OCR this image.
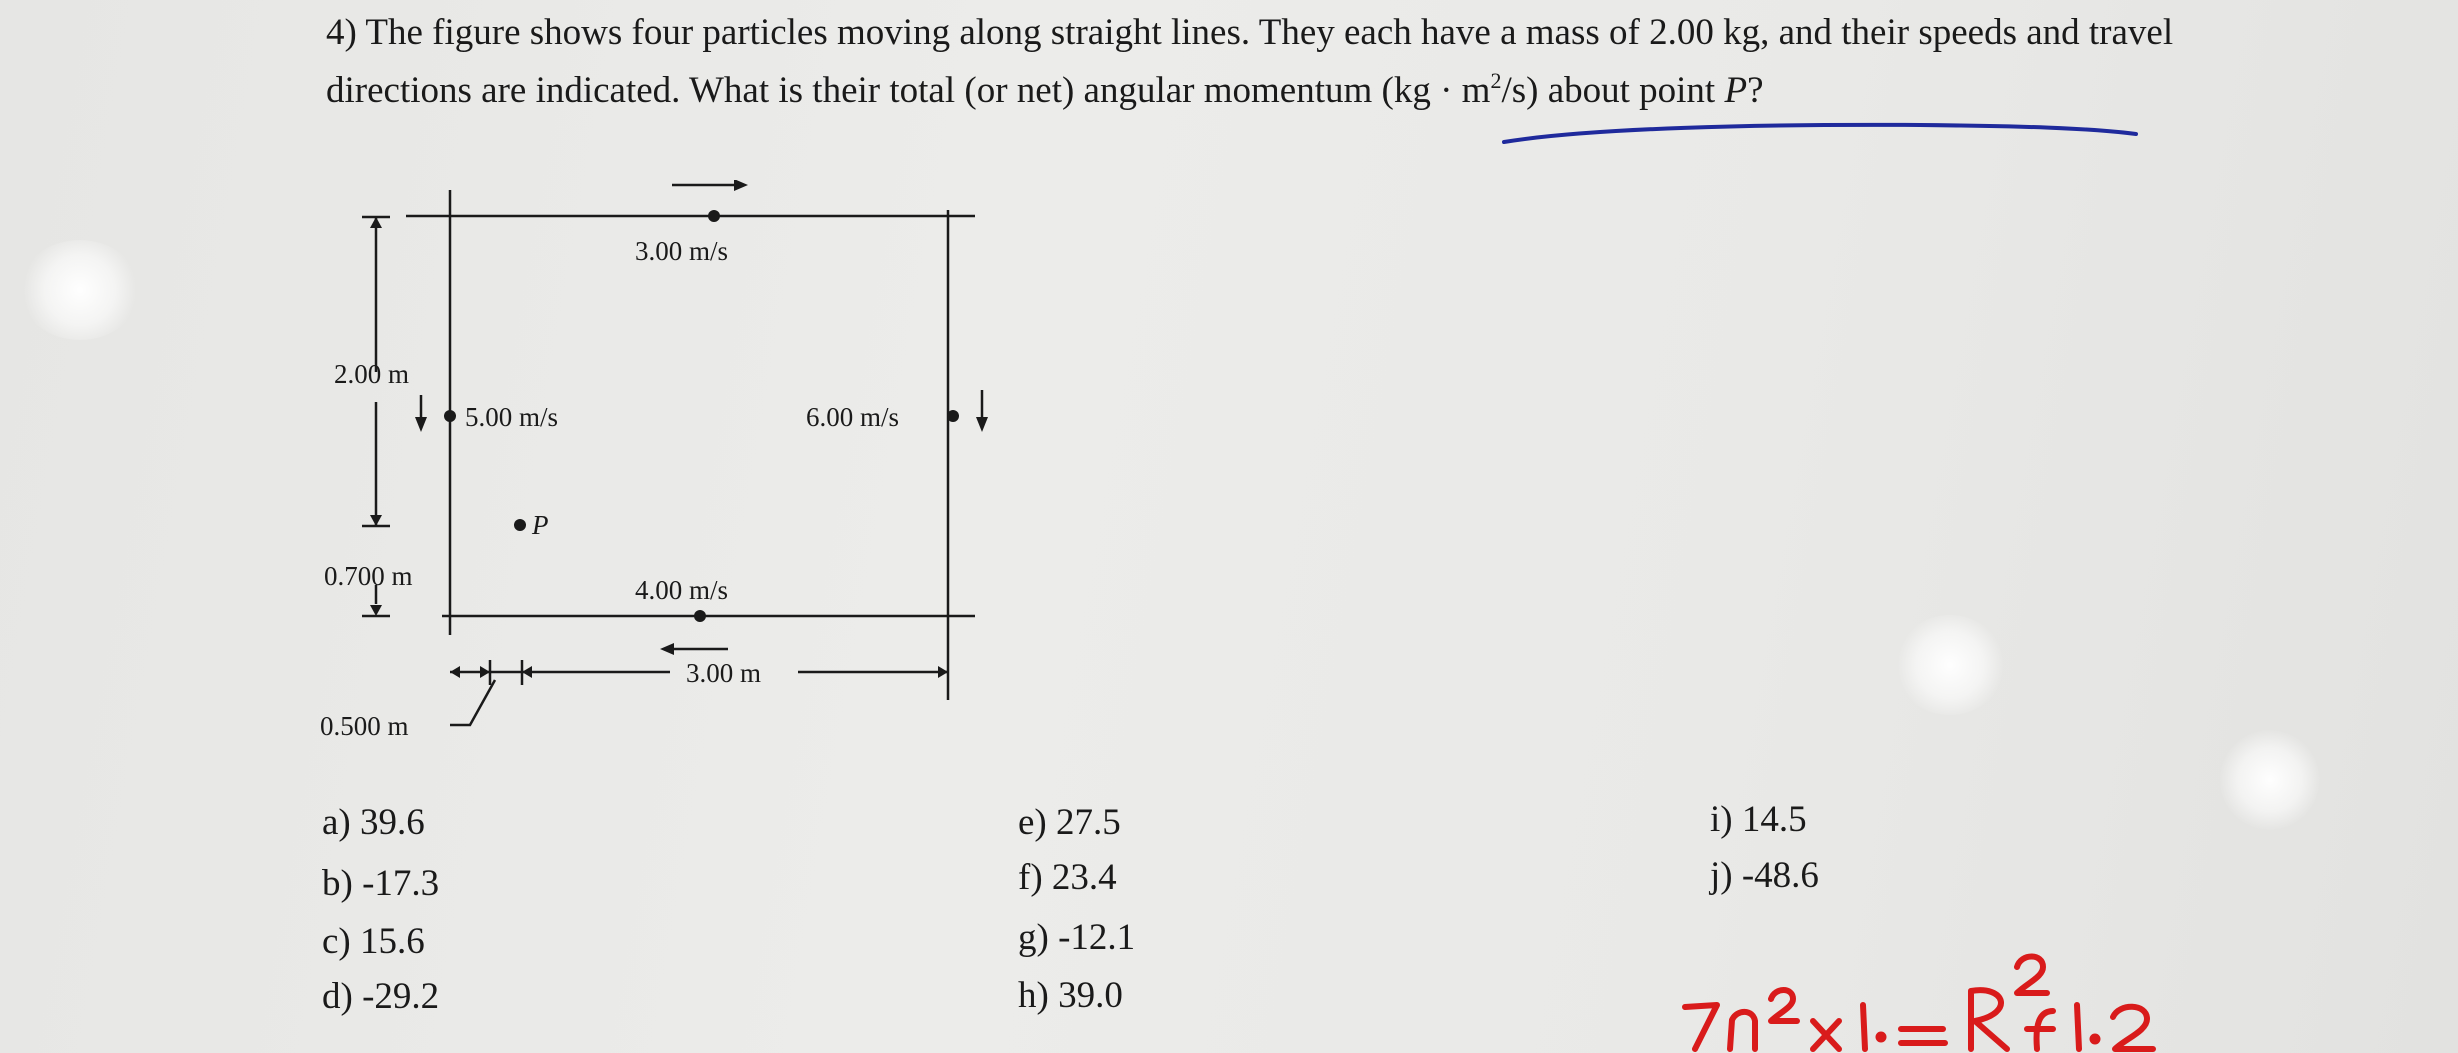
4) The figure shows four particles moving along straight lines. They each have a mass of 2.00 kg, and their speeds and travel directions are indicated. What is their total (or net) angular momentum $(kg \cdot m^2/s)$ about point P?

3.00 m/s
2.00 m
5.00 m/s	6.00 m/s
P
0.700 m	4.00 m/s
3.00 m
0.500 m

a) 39.6

b) -17.3

c) 15.6

d) -29.2

e) 27.5

f) 23.4

g) -12.1

h) 39.0

i) 14.5

j) -48.6
